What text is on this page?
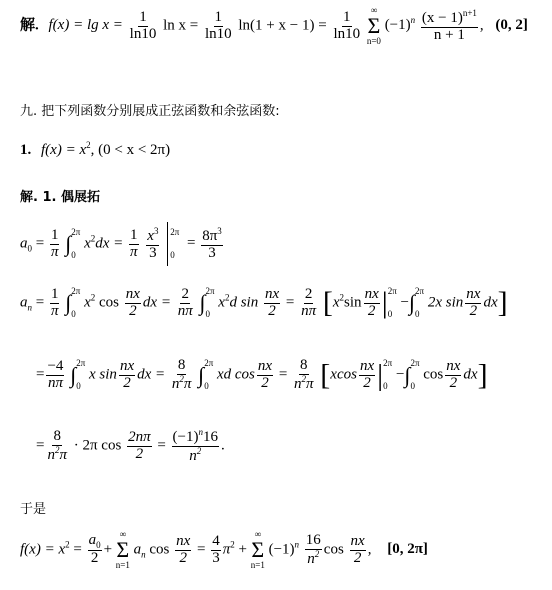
解. $f(x) = \lg x = \frac{1}{\ln 10}$ $\ln x = \frac{1}{\ln 10} \ln(1 + x - 1) = \frac{1}{\ln 10}$
∞
Σ
n=0
$(-1)^n \frac{(x - 1)^{n+1}}{n + 1}$ , (0, 2]
九. 把下列函数分别展成正弦函数和余弦函数:
1. $f(x) = x^2$, (0 < x < 2π)
解. 1. 偶展拓
$a_0 = \frac{1}{\pi}$ ∫ 2π
0
$x^2dx = \frac{1}{\pi}$
$\frac{x^3}{3}$
2π
0
= $\frac{8\pi^3}{3}$
$a_n = \frac{1}{\pi}$ ∫ 2π
0
$x^2$ $\cos \frac{nx}{2}$ dx = $\frac{2}{n\pi}$ ∫ 2π
0
$x^2d$ $\sin \frac{nx}{2} = \frac{2}{n\pi} [x^2\sin \frac{nx}{2}$ | 2π
0
−∫ 2π
0
2x $\sin \frac{nx}{2} dx$]
= $\frac{-4}{n\pi}$ ∫ 2π
0
x $\sin \frac{nx}{2}$ dx = $\frac{8}{n^2\pi}$ ∫ 2π
0
xd $\cos \frac{nx}{2} = \frac{8}{n^2\pi} [xcos \frac{nx}{2}$ | 2π
0
−∫ 2π
0
$\cos \frac{nx}{2} dx$]
= $\frac{8}{n^2\pi} \cdot 2\pi$ $\cos \frac{2n\pi}{2} = \frac{(-1)^n16}{n^2}$ .
于是
$f(x) = x^2 = \frac{a_0}{2}$ +
∞
Σ
n=1
$a_n$ $\cos \frac{nx}{2} = \frac{4}{3} \pi^2$ +
∞
Σ
n=1
$(-1)^n \frac{16}{n^2}$ $\cos \frac{nx}{2}$ , [0, 2π]
